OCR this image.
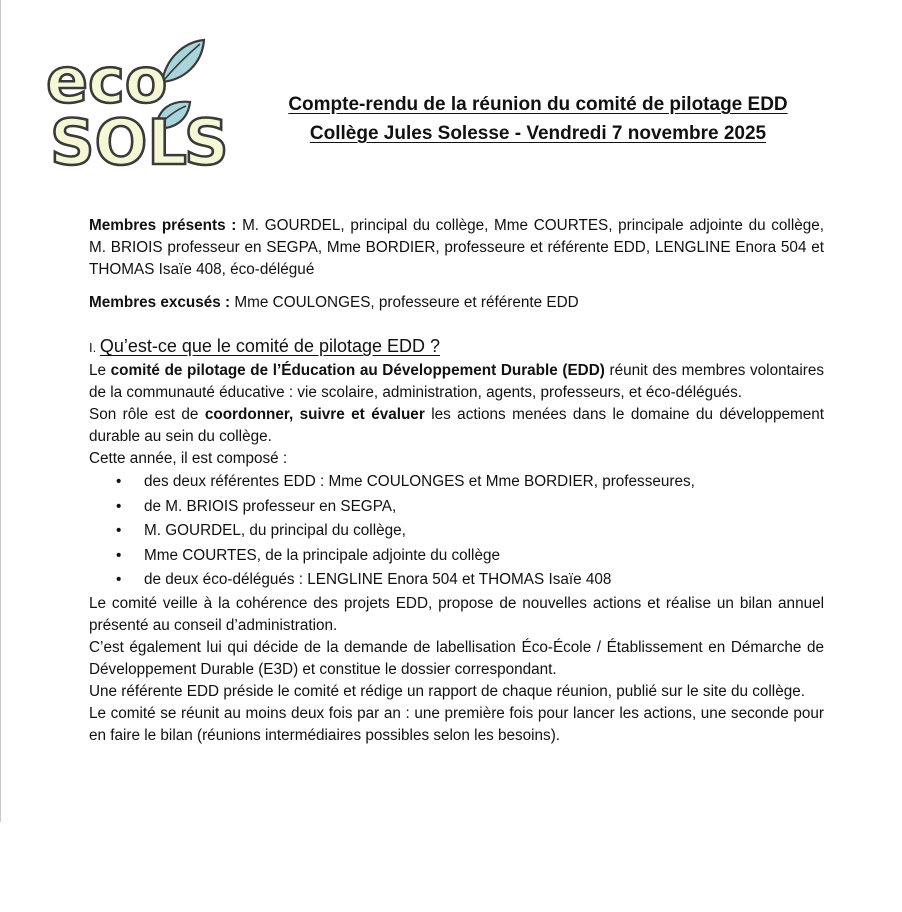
eco
SOL
S

Compte-rendu de la réunion du comité de pilotage EDD

Collège Jules Solesse - Vendredi 7 novembre 2025

Membres présents : M. GOURDEL, principal du collège, Mme COURTES, principale adjointe du collège, M. BRIOIS professeur en SEGPA, Mme BORDIER, professeure et référente EDD, LENGLINE Enora 504 et THOMAS Isaïe 408, éco-délégué

Membres excusés : Mme COULONGES, professeure et référente EDD

I. Qu’est-ce que le comité de pilotage EDD ?

Le comité de pilotage de l’Éducation au Développement Durable (EDD) réunit des membres volontaires de la communauté éducative : vie scolaire, administration, agents, professeurs, et éco-délégués.

Son rôle est de coordonner, suivre et évaluer les actions menées dans le domaine du développement durable au sein du collège.

Cette année, il est composé :

• des deux référentes EDD : Mme COULONGES et Mme BORDIER, professeures,
• de M. BRIOIS professeur en SEGPA,
• M. GOURDEL, du principal du collège,
• Mme COURTES, de la principale adjointe du collège
• de deux éco-délégués : LENGLINE Enora 504 et THOMAS Isaïe 408

Le comité veille à la cohérence des projets EDD, propose de nouvelles actions et réalise un bilan annuel présenté au conseil d’administration.

C’est également lui qui décide de la demande de labellisation Éco-École / Établissement en Démarche de Développement Durable (E3D) et constitue le dossier correspondant.

Une référente EDD préside le comité et rédige un rapport de chaque réunion, publié sur le site du collège.

Le comité se réunit au moins deux fois par an : une première fois pour lancer les actions, une seconde pour en faire le bilan (réunions intermédiaires possibles selon les besoins).
